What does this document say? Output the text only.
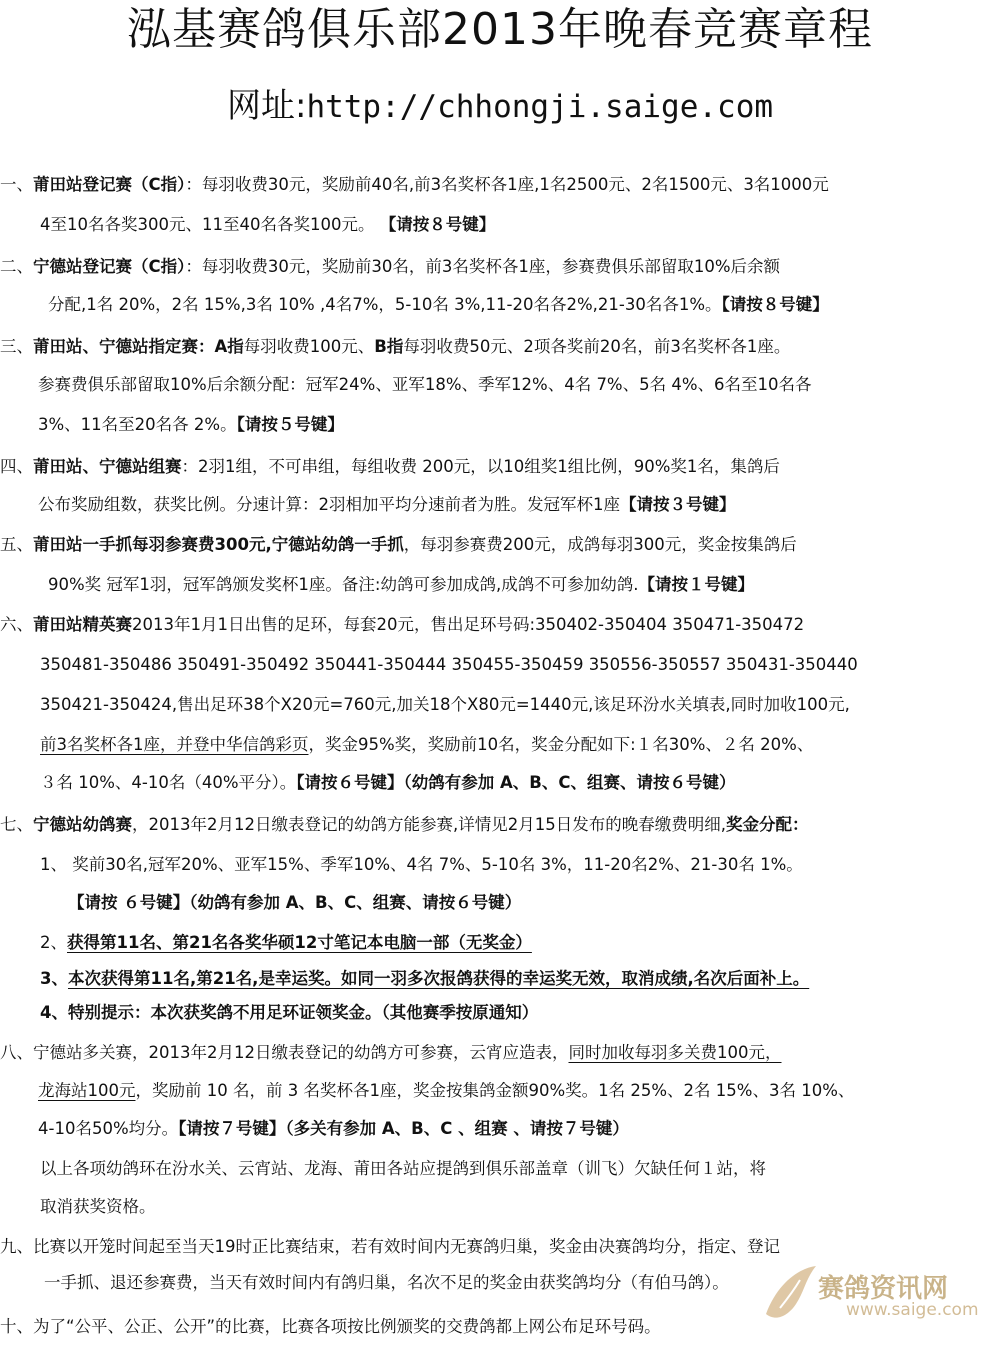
泓基赛鸽俱乐部2013年晚春竞赛章程
网址:http://chhongji.saige.com
一、莆田站登记赛（C指）：每羽收费30元，奖励前40名,前3名奖杯各1座,1名2500元、2名1500元、3名1000元
4至10名各奖300元、11至40名各奖100元。 【请按８号键】
二、宁德站登记赛（C指）：每羽收费30元，奖励前30名，前3名奖杯各1座，参赛费俱乐部留取10%后余额
分配,1名 20%，2名 15%,3名 10% ,4名7%，5-10名 3%,11-20名各2%,21-30名各1%。【请按８号键】
三、莆田站、宁德站指定赛：A指每羽收费100元、B指每羽收费50元、2项各奖前20名，前3名奖杯各1座。
参赛费俱乐部留取10%后余额分配：冠军24%、亚军18%、季军12%、4名 7%、5名 4%、6名至10名各
3%、11名至20名各 2%。【请按５号键】
四、莆田站、宁德站组赛：2羽1组，不可串组，每组收费 200元，以10组奖1组比例，90%奖1名，集鸽后
公布奖励组数，获奖比例。分速计算：2羽相加平均分速前者为胜。发冠军杯1座【请按３号键】
五、莆田站一手抓每羽参赛费300元,宁德站幼鸽一手抓，每羽参赛费200元，成鸽每羽300元，奖金按集鸽后
90%奖 冠军1羽，冠军鸽颁发奖杯1座。备注:幼鸽可参加成鸽,成鸽不可参加幼鸽.【请按１号键】
六、莆田站精英赛2013年1月1日出售的足环，每套20元，售出足环号码:350402-350404 350471-350472
350481-350486 350491-350492 350441-350444 350455-350459 350556-350557 350431-350440
350421-350424,售出足环38个X20元=760元,加关18个X80元=1440元,该足环汾水关填表,同时加收100元,
前3名奖杯各1座，并登中华信鸽彩页，奖金95%奖，奖励前10名，奖金分配如下:１名30%、２名 20%、
３名 10%、4-10名（40%平分）。【请按６号键】（幼鸽有参加 A、B、C、组赛、请按６号键）
七、宁德站幼鸽赛，2013年2月12日缴表登记的幼鸽方能参赛,详情见2月15日发布的晚春缴费明细,奖金分配：
1、 奖前30名,冠军20%、亚军15%、季军10%、4名 7%、5-10名 3%，11-20名2%、21-30名 1%。
【请按 ６号键】（幼鸽有参加 A、B、C、组赛、请按６号键）
2、获得第11名、第21名各奖华硕12寸笔记本电脑一部（无奖金）
3、本次获得第11名,第21名,是幸运奖。如同一羽多次报鸽获得的幸运奖无效，取消成绩,名次后面补上。
4、特别提示：本次获奖鸽不用足环证领奖金。（其他赛季按原通知）
八、宁德站多关赛，2013年2月12日缴表登记的幼鸽方可参赛，云宵应造表，同时加收每羽多关费100元，
龙海站100元，奖励前 10 名，前 3 名奖杯各1座，奖金按集鸽金额90%奖。1名 25%、2名 15%、3名 10%、
4-10名50%均分。【请按７号键】（多关有参加 A、B、C 、组赛 、请按７号键）
以上各项幼鸽环在汾水关、云宵站、龙海、莆田各站应提鸽到俱乐部盖章（训飞）欠缺任何１站，将
取消获奖资格。
九、比赛以开笼时间起至当天19时正比赛结束，若有效时间内无赛鸽归巢，奖金由决赛鸽均分，指定、登记
一手抓、退还参赛费，当天有效时间内有鸽归巢，名次不足的奖金由获奖鸽均分（有伯马鸽）。
十、为了“公平、公正、公开”的比赛，比赛各项按比例颁奖的交费鸽都上网公布足环号码。
赛鸽资讯网
www.saige.com
